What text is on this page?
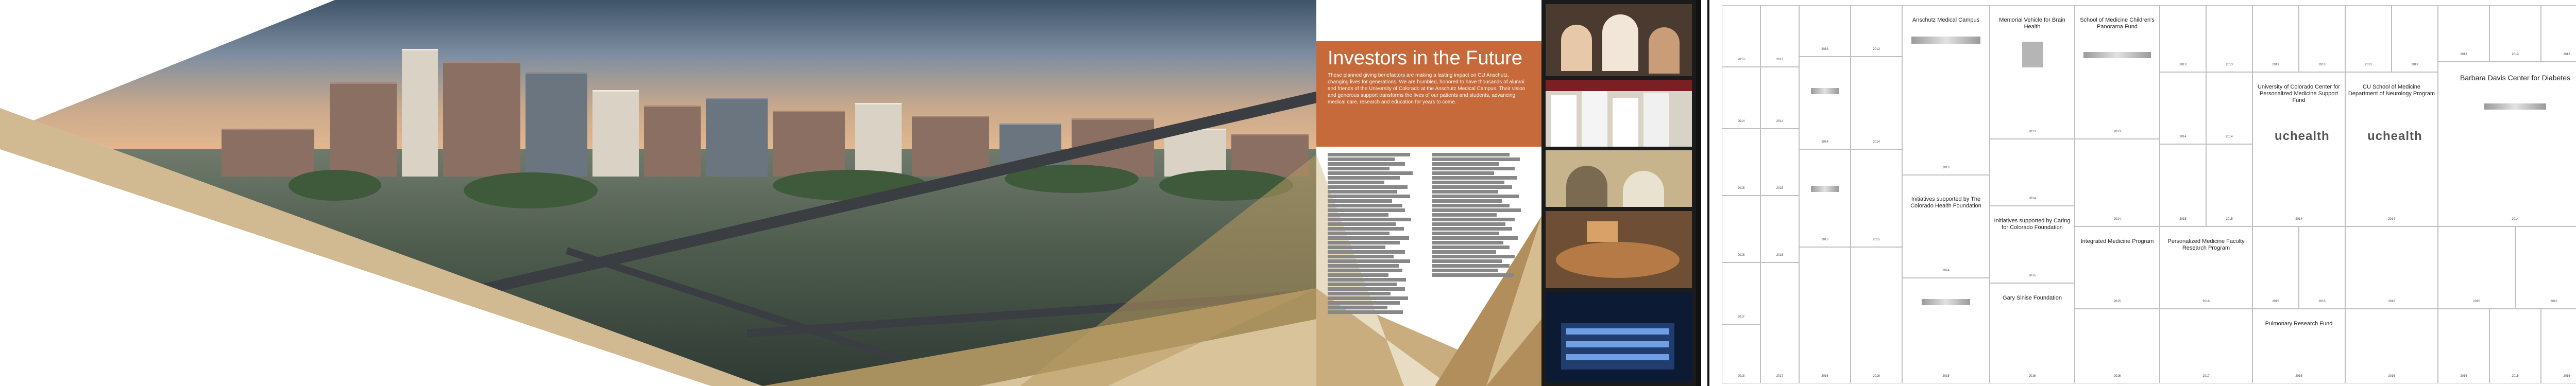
Investors in the Future
These planned giving benefactors are making a lasting impact on CU Anschutz, changing lives for generations. We are humbled, honored to have thousands of alumni and friends of the University of Colorado at the Anschutz Medical Campus. Their vision and generous support transforms the lives of our patients and students, advancing medical care, research and education for years to come.
2013
2014
2015
2016
2017
2018
2013
2014
2015
2016
2017
2013
2014
2015
2016
2013
2014
2015
2016
Anschutz Medical Campus
2013
Initiatives supported by The Colorado Health Foundation
2014
2015
Memorial Vehicle for Brain Health
2013
2014
Initiatives supported by Caring for Colorado Foundation
2015
Gary Sinise Foundation
2016
School of Medicine Children's Panorama Fund
2013
2014
Integrated Medicine Program
2015
2016
2013	2013
2014	2014
2015	2015
Personalized Medicine Faculty Research Program
2016
2017
2013	2013
University of Colorado Center for Personalized Medicine Support Fund
uchealth
2014
2015	2015
Pulmonary Research Fund
2016
2013	2013
CU School of Medicine Department of Neurology Program
uchealth
2014
2015
2016
2013	2013	2013
Barbara Davis Center for Diabetes
2014
2015	2015
2016	2016	2016
